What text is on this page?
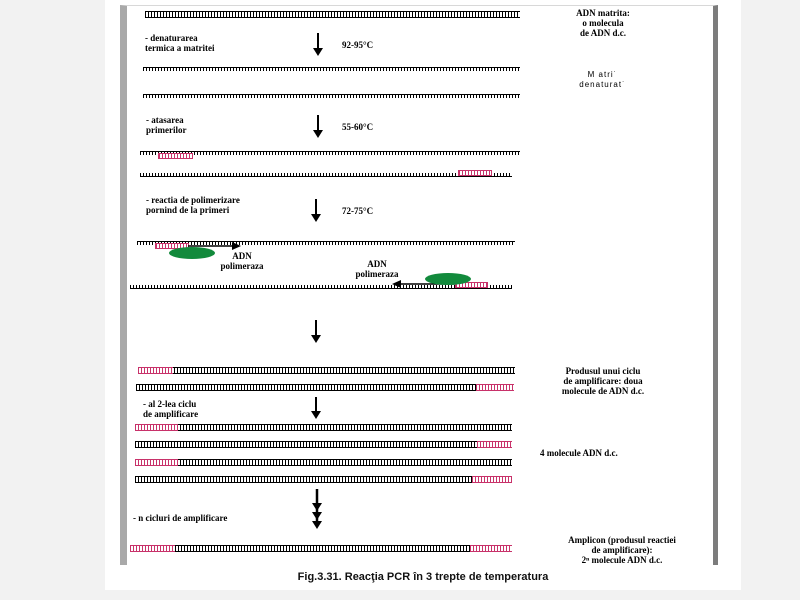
ADN matrita:
o molecula
de ADN d.c.
- denaturarea
termica a matritei	92-95°C
M atri˙
denaturat˙
- atasarea
primerilor	55-60°C
- reactia de polimerizare
pornind de la primeri	72-75°C
ADN
polimeraza	ADN
polimeraza
Produsul unui ciclu
de amplificare: doua
molecule de ADN d.c.
- al 2-lea ciclu
de amplificare
4 molecule ADN d.c.
- n cicluri de amplificare
Amplicon (produsul reactiei
de amplificare):
2ⁿ molecule ADN d.c.
Fig.3.31. Reacţia PCR în 3 trepte de temperatura
